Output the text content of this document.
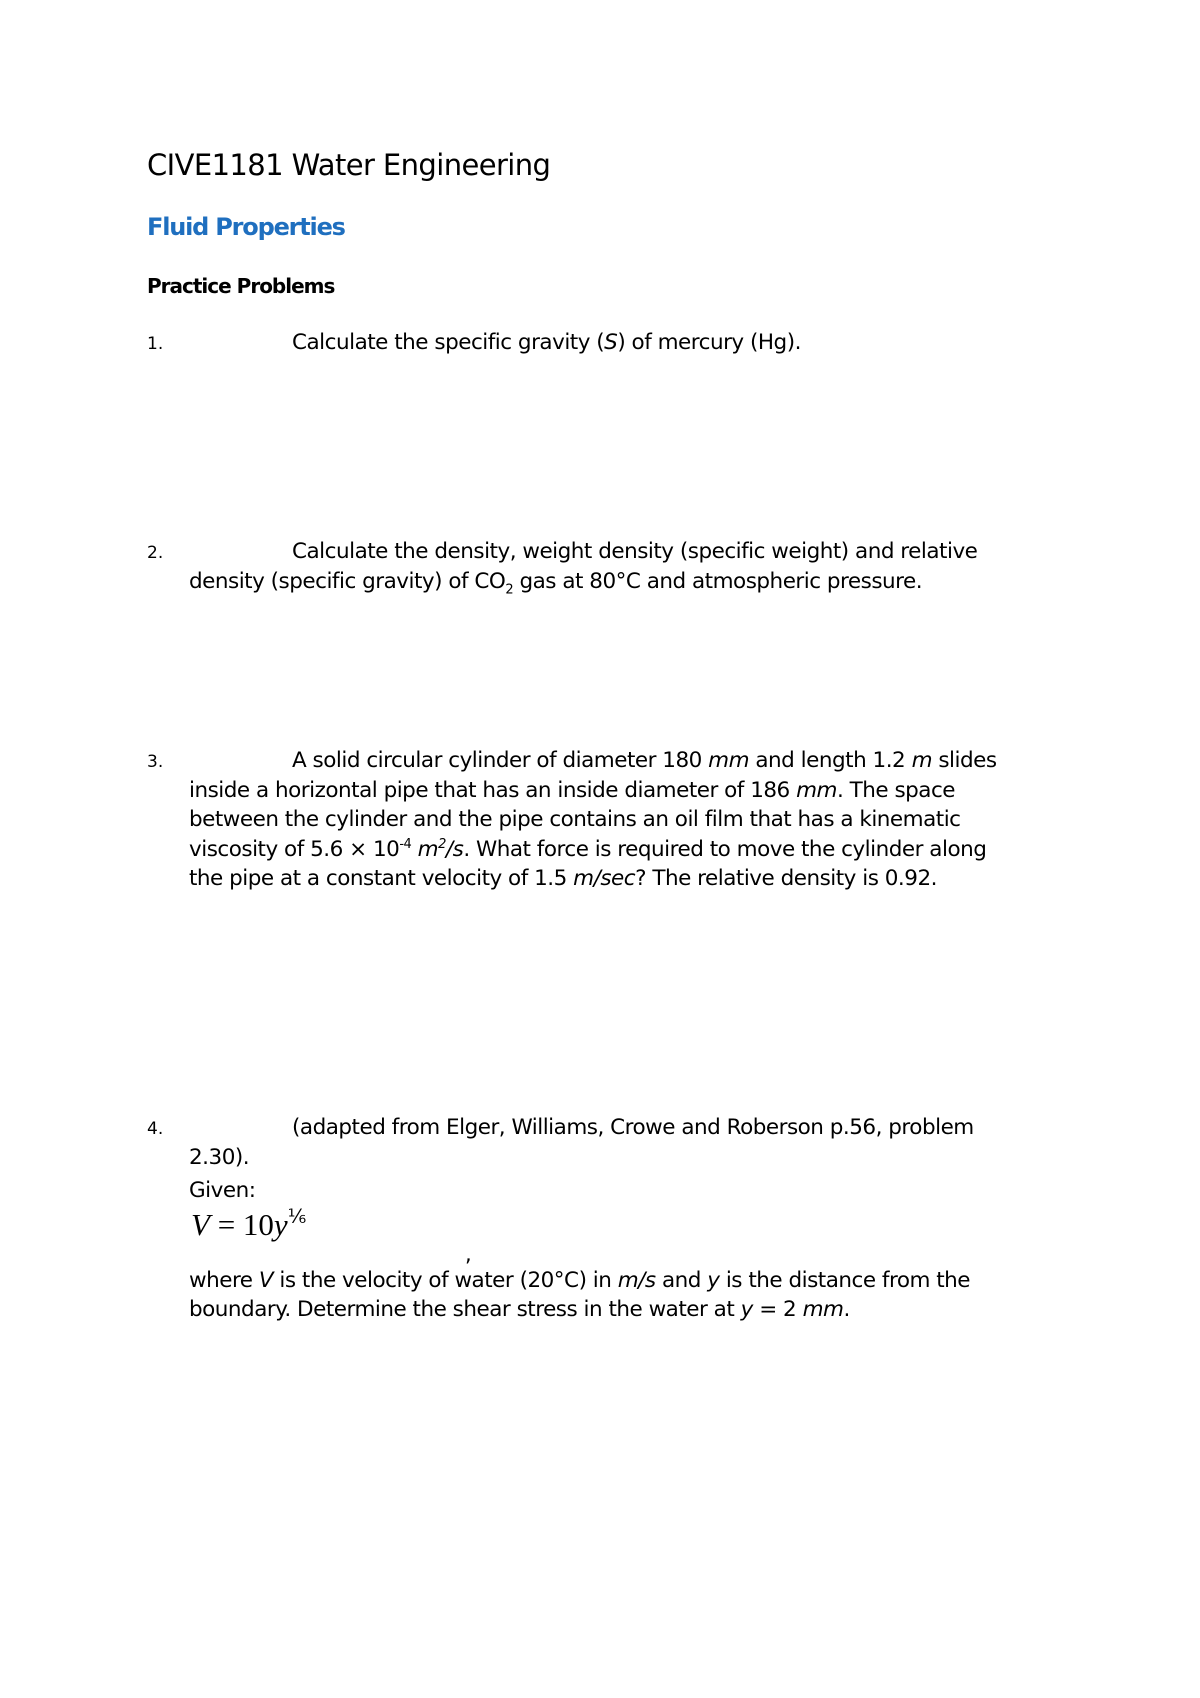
CIVE1181 Water Engineering
Fluid Properties
Practice Problems
1.	Calculate the specific gravity (S) of mercury (Hg).
2.	Calculate the density, weight density (specific weight) and relative
density (specific gravity) of $CO_2$ gas at 80°C and atmospheric pressure.
3.	A solid circular cylinder of diameter 180 mm and length 1.2 m slides
inside a horizontal pipe that has an inside diameter of 186 mm. The space
between the cylinder and the pipe contains an oil film that has a kinematic
viscosity of $5.6 \times 10^{-4}$ $m^2/s$. What force is required to move the cylinder along
the pipe at a constant velocity of 1.5 m/sec? The relative density is 0.92.
4.	(adapted from Elger, Williams, Crowe and Roberson p.56, problem
2.30).
Given:
$V = 10y^{\frac{1}{6}}$
,
where V is the velocity of water (20°C) in m/s and y is the distance from the
boundary. Determine the shear stress in the water at y = 2 mm.
